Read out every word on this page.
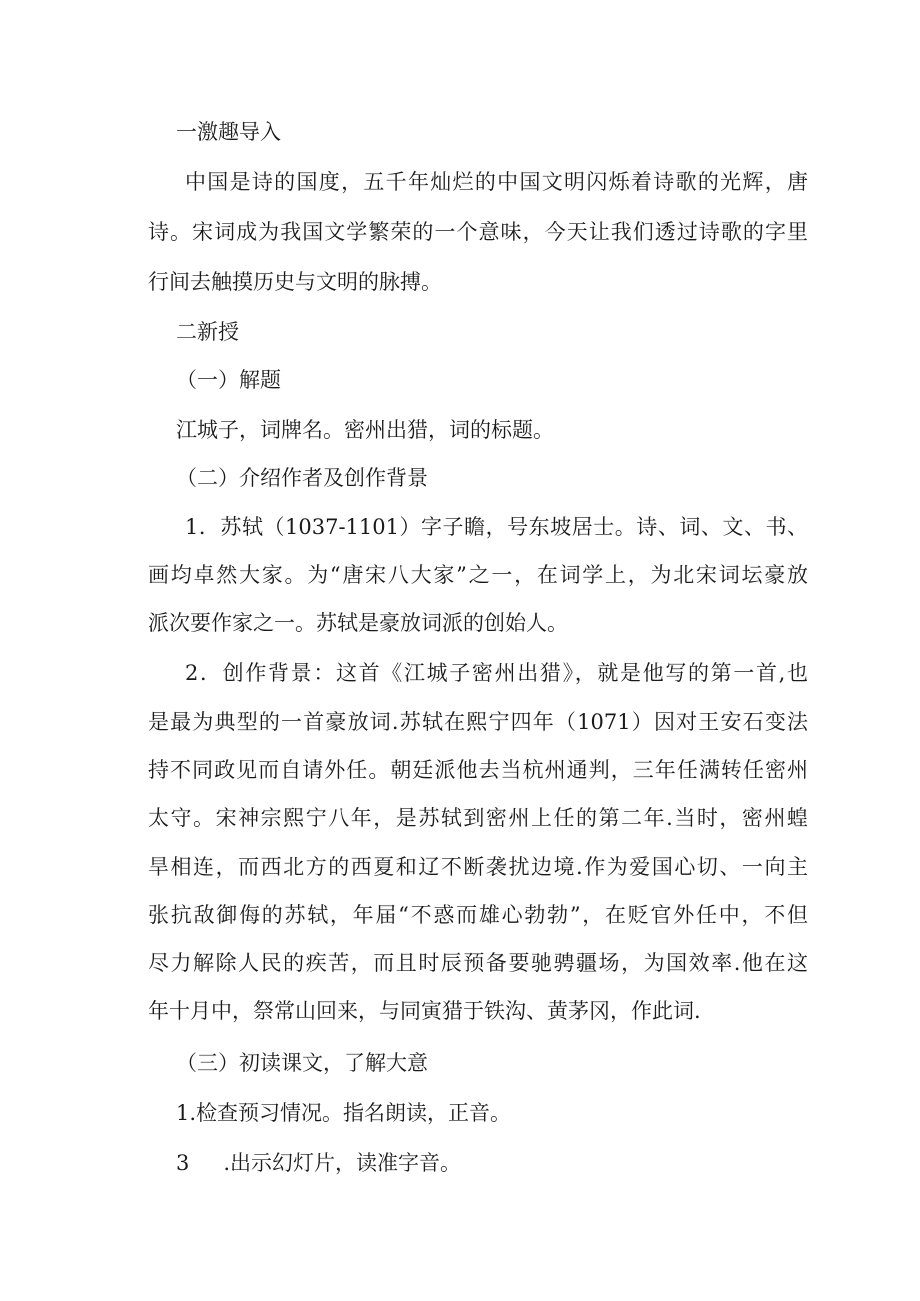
一激趣导入
中国是诗的国度，五千年灿烂的中国文明闪烁着诗歌的光辉，唐
诗。宋词成为我国文学繁荣的一个意味，今天让我们透过诗歌的字里
行间去触摸历史与文明的脉搏。
二新授
（一）解题
江城子，词牌名。密州出猎，词的标题。
（二）介绍作者及创作背景
1．苏轼（1037-1101）字子瞻，号东坡居士。诗、词、文、书、
画均卓然大家。为“唐宋八大家”之一，在词学上，为北宋词坛豪放
派次要作家之一。苏轼是豪放词派的创始人。
2．创作背景：这首《江城子密州出猎》，就是他写的第一首,也
是最为典型的一首豪放词.苏轼在熙宁四年（1071）因对王安石变法
持不同政见而自请外任。朝廷派他去当杭州通判，三年任满转任密州
太守。宋神宗熙宁八年，是苏轼到密州上任的第二年.当时，密州蝗
旱相连，而西北方的西夏和辽不断袭扰边境.作为爱国心切、一向主
张抗敌御侮的苏轼，年届“不惑而雄心勃勃”，在贬官外任中，不但
尽力解除人民的疾苦，而且时辰预备要驰骋疆场，为国效率.他在这
年十月中，祭常山回来，与同寅猎于铁沟、黄茅冈，作此词.
（三）初读课文，了解大意
1.检查预习情况。指名朗读，正音。
3 .出示幻灯片，读准字音。
